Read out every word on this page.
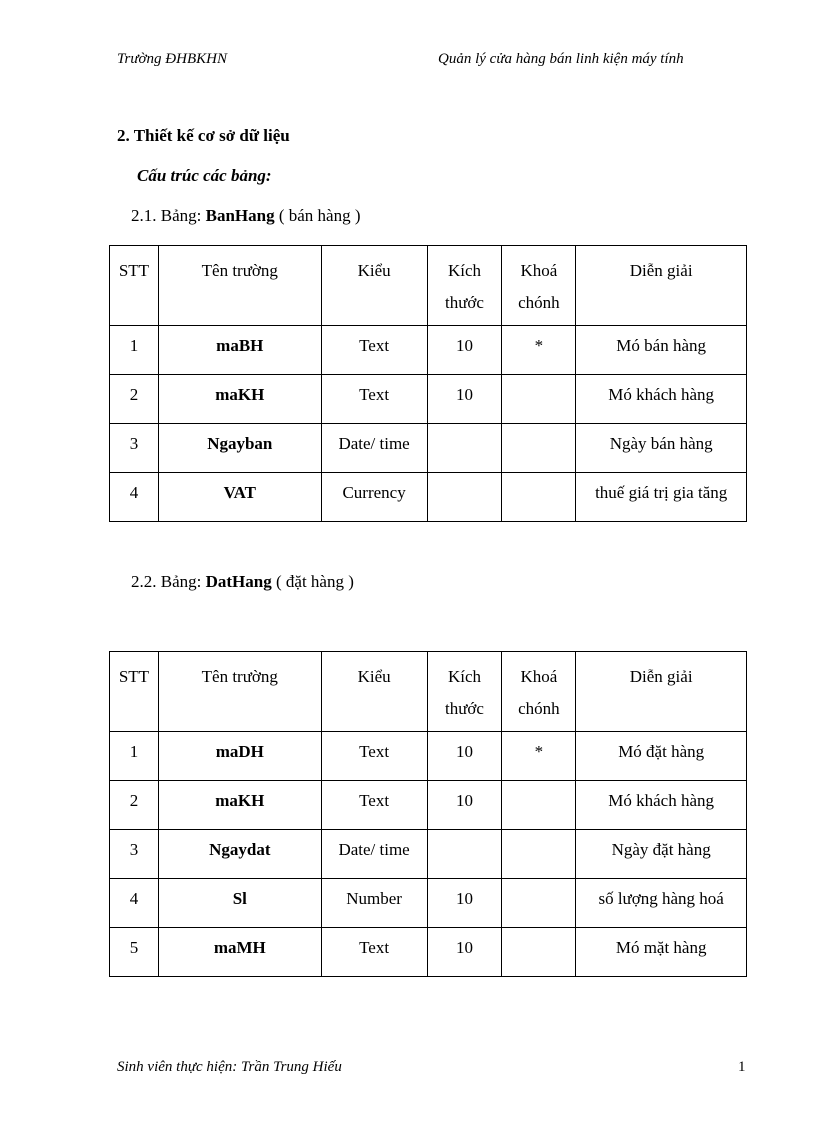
Trường ĐHBKHN	Quản lý cửa hàng bán linh kiện máy tính
2. Thiết kế cơ sở dữ liệu
Cấu trúc các bảng:
2.1. Bảng: BanHang ( bán hàng )
STT	Tên trường	Kiểu	Kích thước	Khoá chónh	Diễn giải
1	maBH	Text	10	*	Mó bán hàng
2	maKH	Text	10		Mó khách hàng
3	Ngayban	Date/ time			Ngày bán hàng
4	VAT	Currency			thuế giá trị gia tăng
2.2. Bảng: DatHang ( đặt hàng )
STT	Tên trường	Kiểu	Kích thước	Khoá chónh	Diễn giải
1	maDH	Text	10	*	Mó đặt hàng
2	maKH	Text	10		Mó khách hàng
3	Ngaydat	Date/ time			Ngày đặt hàng
4	Sl	Number	10		số lượng hàng hoá
5	maMH	Text	10		Mó mặt hàng
Sinh viên thực hiện: Trần Trung Hiếu	1
